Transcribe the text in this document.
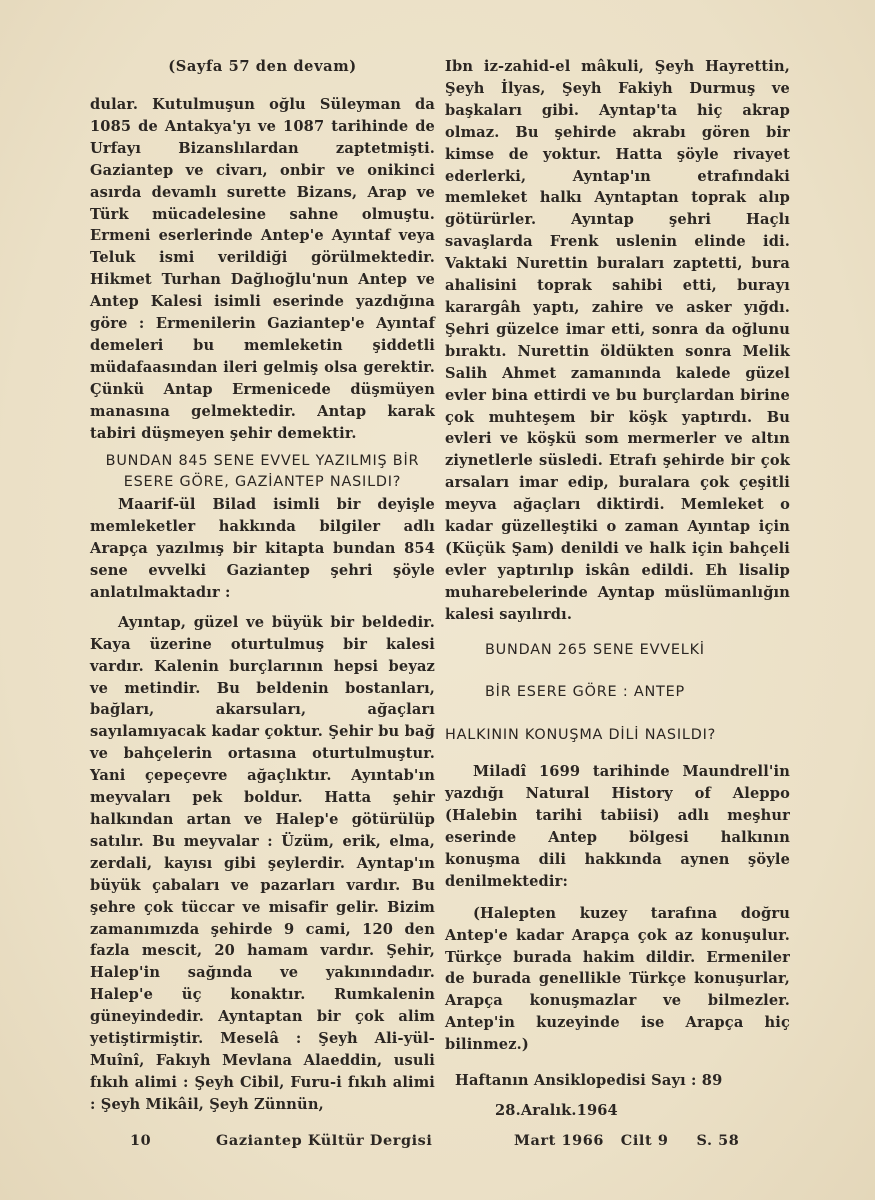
(Sayfa 57 den devam)

dular. Kutulmuşun oğlu Süleyman da 1085 de Antakya'yı ve 1087 tarihinde de Urfayı Bizanslılardan zaptetmişti. Gaziantep ve civarı, onbir ve onikinci asırda devamlı surette Bizans, Arap ve Türk mücadelesine sahne olmuştu. Ermeni eserlerinde Antep'e Ayıntaf veya Teluk ismi verildiği görülmektedir. Hikmet Turhan Dağlıoğlu'nun Antep ve Antep Kalesi isimli eserinde yazdığına göre : Ermenilerin Gaziantep'e Ayıntaf demeleri bu memleketin şiddetli müdafaasından ileri gelmiş olsa gerektir. Çünkü Antap Ermenicede düşmüyen manasına gelmektedir. Antap karak tabiri düşmeyen şehir demektir.

BUNDAN 845 SENE EVVEL YAZILMIŞ BİR ESERE GÖRE, GAZİANTEP NASILDI?

Maarif-ül Bilad isimli bir deyişle memleketler hakkında bilgiler adlı Arapça yazılmış bir kitapta bundan 854 sene evvelki Gaziantep şehri şöyle anlatılmaktadır :

Ayıntap, güzel ve büyük bir beldedir. Kaya üzerine oturtulmuş bir kalesi vardır. Kalenin burçlarının hepsi beyaz ve metindir. Bu beldenin bostanları, bağları, akarsuları, ağaçları sayılamıyacak kadar çoktur. Şehir bu bağ ve bahçelerin ortasına oturtulmuştur. Yani çepeçevre ağaçlıktır. Ayıntab'ın meyvaları pek boldur. Hatta şehir halkından artan ve Halep'e götürülüp satılır. Bu meyvalar : Üzüm, erik, elma, zerdali, kayısı gibi şeylerdir. Ayntap'ın büyük çabaları ve pazarları vardır. Bu şehre çok tüccar ve misafir gelir. Bizim zamanımızda şehirde 9 cami, 120 den fazla mescit, 20 hamam vardır. Şehir, Halep'in sağında ve yakınındadır. Halep'e üç konaktır. Rumkalenin güneyindedir. Ayntaptan bir çok alim yetiştirmiştir. Meselâ : Şeyh Ali-yül-Muînî, Fakıyh Mevlana Alaeddin, usuli fıkıh alimi : Şeyh Cibil, Furu-i fıkıh alimi : Şeyh Mikâil, Şeyh Zünnün,

Ibn iz-zahid-el mâkuli, Şeyh Hayrettin, Şeyh İlyas, Şeyh Fakiyh Durmuş ve başkaları gibi. Ayntap'ta hiç akrap olmaz. Bu şehirde akrabı gören bir kimse de yoktur. Hatta şöyle rivayet ederlerki, Ayntap'ın etrafındaki memleket halkı Ayntaptan toprak alıp götürürler. Ayıntap şehri Haçlı savaşlarda Frenk uslenin elinde idi. Vaktaki Nurettin buraları zaptetti, bura ahalisini toprak sahibi etti, burayı karargâh yaptı, zahire ve asker yığdı. Şehri güzelce imar etti, sonra da oğlunu bıraktı. Nurettin öldükten sonra Melik Salih Ahmet zamanında kalede güzel evler bina ettirdi ve bu burçlardan birine çok muhteşem bir köşk yaptırdı. Bu evleri ve köşkü som mermerler ve altın ziynetlerle süsledi. Etrafı şehirde bir çok arsaları imar edip, buralara çok çeşitli meyva ağaçları diktirdi. Memleket o kadar güzelleştiki o zaman Ayıntap için (Küçük Şam) denildi ve halk için bahçeli evler yaptırılıp iskân edildi. Eh lisalip muharebelerinde Ayntap müslümanlığın kalesi sayılırdı.

BUNDAN 265 SENE EVVELKİ

BİR ESERE GÖRE : ANTEP

HALKININ KONUŞMA DİLİ NASILDI?

Miladî 1699 tarihinde Maundrell'in yazdığı Natural History of Aleppo (Halebin tarihi tabiisi) adlı meşhur eserinde Antep bölgesi halkının konuşma dili hakkında aynen şöyle denilmektedir:

(Halepten kuzey tarafına doğru Antep'e kadar Arapça çok az konuşulur. Türkçe burada hakim dildir. Ermeniler de burada genellikle Türkçe konuşurlar, Arapça konuşmazlar ve bilmezler. Antep'in kuzeyinde ise Arapça hiç bilinmez.)

Haftanın Ansiklopedisi Sayı : 89

28.Aralık.1964

10	Gaziantep Kültür Dergisi	Mart 1966   Cilt 9     S. 58
